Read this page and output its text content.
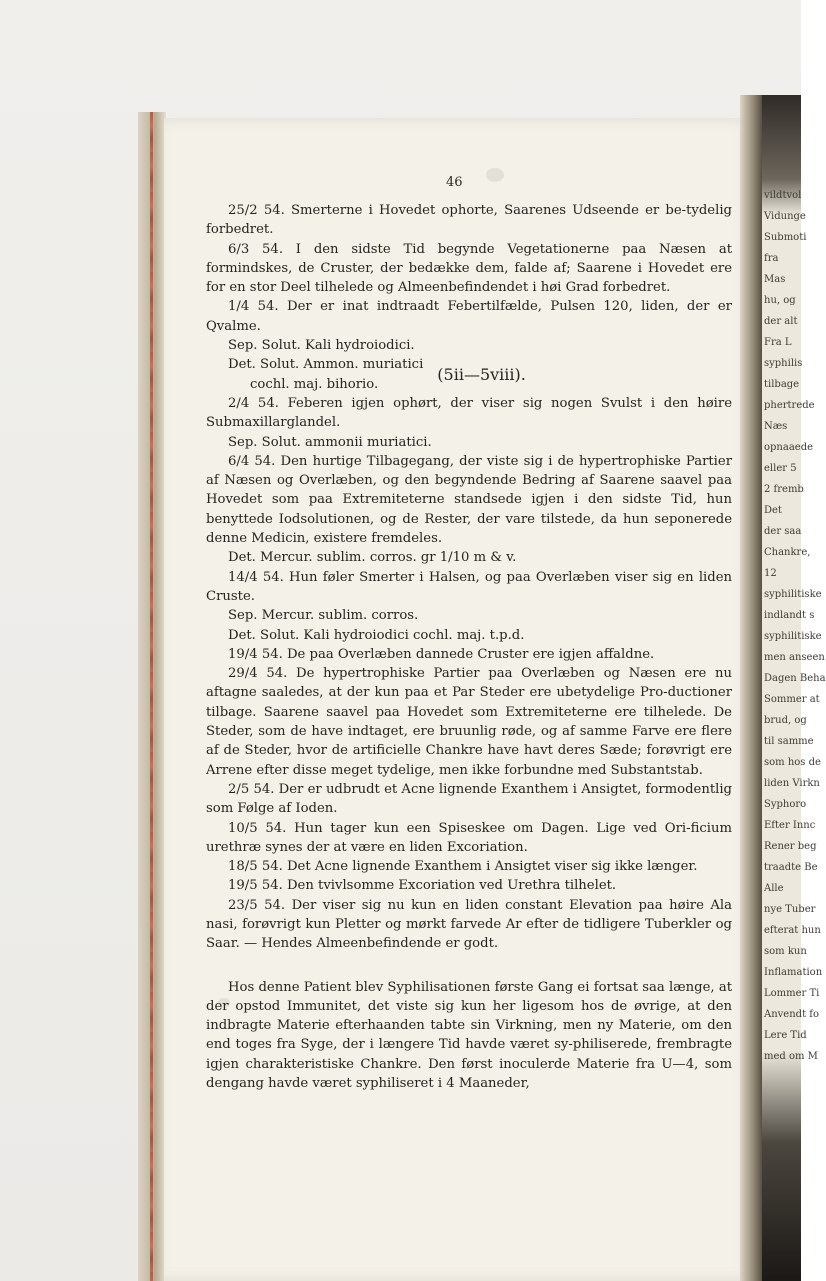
vildtvol
Vidunge
Submoti
fra
Mas
hu, og
der alt
Fra L
syphilis
tilbage
phertrede
Næs
opnaaede
eller 5
2 fremb
Det
der saa
Chankre,
12
syphilitiske
indlandt s
syphilitiske
men anseen
Dagen Beha
Sommer at
brud, og
til samme
som hos de
liden Virkn
Syphoro
Efter Innc
Rener beg
traadte Be
Alle
nye Tuber
efterat hun
som kun
Inflamation
Lommer Ti
Anvendt fo
Lere Tid
med om M
46

25/2 54. Smerterne i Hovedet ophorte, Saarenes Udseende er be-tydelig forbedret.

6/3 54. I den sidste Tid begynde Vegetationerne paa Næsen at formindskes, de Cruster, der bedække dem, falde af; Saarene i Hovedet ere for en stor Deel tilhelede og Almeenbefindendet i høi Grad forbedret.

1/4 54. Der er inat indtraadt Febertilfælde, Pulsen 120, liden, der er Qvalme.

Sep. Solut. Kali hydroiodici.

Det. Solut. Ammon. muriatici
cochl. maj. bihorio.
(5ii—5viii).

2/4 54. Feberen igjen ophørt, der viser sig nogen Svulst i den høire Submaxillarglandel.

Sep. Solut. ammonii muriatici.

6/4 54. Den hurtige Tilbagegang, der viste sig i de hypertrophiske Partier af Næsen og Overlæben, og den begyndende Bedring af Saarene saavel paa Hovedet som paa Extremiteterne standsede igjen i den sidste Tid, hun benyttede Iodsolutionen, og de Rester, der vare tilstede, da hun seponerede denne Medicin, existere fremdeles.

Det. Mercur. sublim. corros. gr 1/10 m & v.

14/4 54. Hun føler Smerter i Halsen, og paa Overlæben viser sig en liden Cruste.

Sep. Mercur. sublim. corros.

Det. Solut. Kali hydroiodici cochl. maj. t.p.d.

19/4 54. De paa Overlæben dannede Cruster ere igjen affaldne.

29/4 54. De hypertrophiske Partier paa Overlæben og Næsen ere nu aftagne saaledes, at der kun paa et Par Steder ere ubetydelige Pro-ductioner tilbage. Saarene saavel paa Hovedet som Extremiteterne ere tilhelede. De Steder, som de have indtaget, ere bruunlig røde, og af samme Farve ere flere af de Steder, hvor de artificielle Chankre have havt deres Sæde; forøvrigt ere Arrene efter disse meget tydelige, men ikke forbundne med Substantstab.

2/5 54. Der er udbrudt et Acne lignende Exanthem i Ansigtet, formodentlig som Følge af Ioden.

10/5 54. Hun tager kun een Spiseskee om Dagen. Lige ved Ori-ficium urethræ synes der at være en liden Excoriation.

18/5 54. Det Acne lignende Exanthem i Ansigtet viser sig ikke længer.

19/5 54. Den tvivlsomme Excoriation ved Urethra tilhelet.

23/5 54. Der viser sig nu kun en liden constant Elevation paa høire Ala nasi, forøvrigt kun Pletter og mørkt farvede Ar efter de tidligere Tuberkler og Saar. — Hendes Almeenbefindende er godt.

Hos denne Patient blev Syphilisationen første Gang ei fortsat saa længe, at der opstod Immunitet, det viste sig kun her ligesom hos de øvrige, at den indbragte Materie efterhaanden tabte sin Virkning, men ny Materie, om den end toges fra Syge, der i længere Tid havde været sy-philiserede, frembragte igjen charakteristiske Chankre. Den først inoculerde Materie fra U—4, som dengang havde været syphiliseret i 4 Maaneder,
